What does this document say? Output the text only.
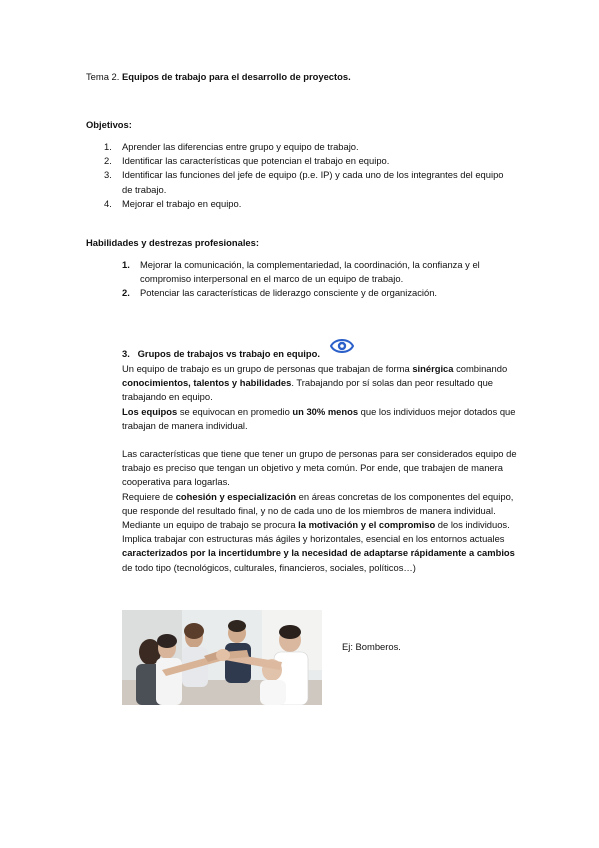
Tema 2. Equipos de trabajo para el desarrollo de proyectos.
Objetivos:
1. Aprender las diferencias entre grupo y equipo de trabajo.
2. Identificar las características que potencian el trabajo en equipo.
3. Identificar las funciones del jefe de equipo (p.e. IP) y cada uno de los integrantes del equipo de trabajo.
4. Mejorar el trabajo en equipo.
Habilidades y destrezas profesionales:
1. Mejorar la comunicación, la complementariedad, la coordinación, la confianza y el compromiso interpersonal en el marco de un equipo de trabajo.
2. Potenciar las características de liderazgo consciente y de organización.
3.   Grupos de trabajos vs trabajo en equipo.
Un equipo de trabajo es un grupo de personas que trabajan de forma sinérgica combinando conocimientos, talentos y habilidades. Trabajando por sí solas dan peor resultado que trabajando en equipo.
Los equipos se equivocan en promedio un 30% menos que los individuos mejor dotados que trabajan de manera individual.
Las características que tiene que tener un grupo de personas para ser considerados equipo de trabajo es preciso que tengan un objetivo y meta común. Por ende, que trabajen de manera cooperativa para logarlas.
Requiere de cohesión y especialización en áreas concretas de los componentes del equipo, que responde del resultado final, y no de cada uno de los miembros de manera individual.
Mediante un equipo de trabajo se procura la motivación y el compromiso de los individuos. Implica trabajar con estructuras más ágiles y horizontales, esencial en los entornos actuales caracterizados por la incertidumbre y la necesidad de adaptarse rápidamente a cambios de todo tipo (tecnológicos, culturales, financieros, sociales, políticos…)
Ej: Bomberos.
